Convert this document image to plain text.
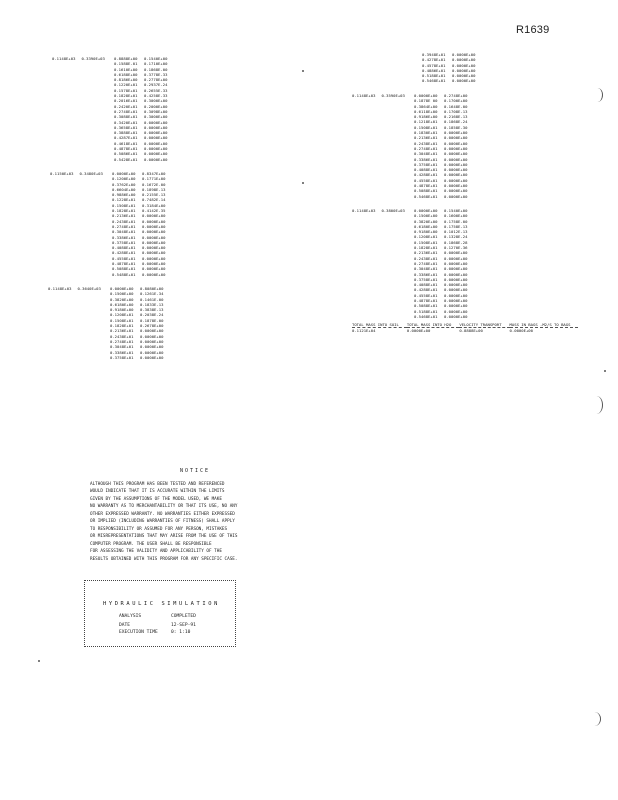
R1639
0.1148E+03 0.3390E+03 0.8888E+00	0.1540E+00
0.1588E-01	0.1710E+00
0.1610E+00	0.1868E-00
0.6188E+00	0.3778E-33
0.8186E+00	0.2778E+00
0.1220E+01	0.2937E-24
0.1578E+01	0.2655E-33
0.1828E+01	0.4258E-33
0.2016E+01	0.3000E+00
0.2420E+01	0.2000E+00
0.2748E+01	0.3098E+00
0.3088E+01	0.3000E+00
0.3420E+01	0.0000E+00
0.3658E+01	0.0000E+00
0.3888E+01	0.0000E+00
0.4287E+01	0.0000E+00
0.4618E+01	0.0000E+00
0.4878E+01	0.0000E+00
0.5086E+01	0.0000E+00
0.5428E+01	0.0000E+00
0.1150E+03 0.3480E+03 0.0000E+00	0.8347E+00
0.1200E+00	0.1771E+00
0.3762E+00	0.1672E-00
0.6604E+00	0.1898E-13
0.9886E+00	0.2155E-13
0.1228E+01	0.7482E-14
0.1508E+01	0.3184E+00
0.1828E+01	0.4142E-35
0.2136E+01	0.0000E+00
0.2438E+01	0.0000E+00
0.2748E+01	0.0000E+00
0.3048E+01	0.0000E+00
0.3386E+01	0.0000E+00
0.3758E+01	0.0000E+00
0.4088E+01	0.0000E+00
0.4288E+01	0.0000E+00
0.4558E+01	0.0000E+00
0.4878E+01	0.0000E+00
0.5088E+01	0.0000E+00
0.5488E+01	0.0000E+00
0.1148E+03 0.3640E+03 0.0000E+00	0.8080E+00
0.1500E+00	0.1261E-34
0.3820E+00	0.1461E-00
0.6180E+00	0.1833E-13
0.9180E+00	0.3838E-13
0.1208E+01	0.2038E-24
0.1508E+01	0.1878E-00
0.1828E+01	0.2678E+00
0.2136E+01	0.0000E+00
0.2438E+01	0.0000E+00
0.2748E+01	0.0000E+00
0.3048E+01	0.0000E+00
0.3386E+01	0.0000E+00
0.3758E+01	0.0000E+00
0.3948E+01	0.0000E+00
0.4278E+01	0.0000E+00
0.4578E+01	0.0000E+00
0.4886E+01	0.0000E+00
0.5188E+01	0.0000E+00
0.5468E+01	0.0000E+00
0.1148E+03 0.3590E+03 0.0000E+00	0.2748E+00
0.1878E 00	0.1700E+00
0.3864E+00	0.1648E-00
0.6118E+00	0.1708E-13
0.9186E+00	0.2168E-13
0.1218E+01	0.1868E-24
0.1508E+01	0.1858E-30
0.1830E+01	0.0000E+00
0.2136E+01	0.0000E+00
0.2438E+01	0.0000E+00
0.2748E+01	0.0000E+00
0.3048E+01	0.0000E+00
0.3386E+01	0.0000E+00
0.3758E+01	0.0000E+00
0.4088E+01	0.0000E+00
0.4288E+01	0.0000E+00
0.4558E+01	0.0000E+00
0.4878E+01	0.0000E+00
0.5088E+01	0.0000E+00
0.5468E+01	0.0000E+00
0.1148E+03 0.3800E+03 0.0000E+00	0.1540E+00
0.1500E+00	0.1600E+00
0.3820E+00	0.1758E-00
0.6180E+00	0.1758E-13
0.9180E+00	0.1012E-13
0.1208E+01	0.1328E-24
0.1508E+01	0.1868E-28
0.1828E+01	0.1270E-36
0.2136E+01	0.0000E+00
0.2438E+01	0.0000E+00
0.2748E+01	0.0000E+00
0.3048E+01	0.0000E+00
0.3386E+01	0.0000E+00
0.3758E+01	0.0000E+00
0.4088E+01	0.0000E+00
0.4288E+01	0.0000E+00
0.4558E+01	0.0000E+00
0.4878E+01	0.0000E+00
0.5088E+01	0.0000E+00
0.5188E+01	0.0000E+00
0.5468E+01	0.0000E+00
TOTAL MASS INTO SOIL	TOTAL MASS INTO H2O	VELOCITY TRANSPORT	MASS IN BAGS -M2/S TO BAGS
0.1121E+04	0.0000E+00	0.8888E+00	0.0000E+00
NOTICE
ALTHOUGH THIS PROGRAM HAS BEEN TESTED AND REFERENCED
WOULD INDICATE THAT IT IS ACCURATE WITHIN THE LIMITS
GIVEN BY THE ASSUMPTIONS OF THE MODEL USED, WE MAKE
NO WARRANTY AS TO MERCHANTABILITY OR THAT ITS USE, NO ANY
OTHER EXPRESSED WARRANTY. NO WARRANTIES EITHER EXPRESSED
OR IMPLIED (INCLUDING WARRANTIES OF FITNESS) SHALL APPLY
TO RESPONSIBILITY OR ASSUMED FOR ANY PERSON, MISTAKES
OR MISREPRESENTATIONS THAT MAY ARISE FROM THE USE OF THIS
COMPUTER PROGRAM. THE USER SHALL BE RESPONSIBLE
FOR ASSESSING THE VALIDITY AND APPLICABILITY OF THE
RESULTS OBTAINED WITH THIS PROGRAM FOR ANY SPECIFIC CASE.
HYDRAULIC SIMULATION
ANALYSIS	COMPLETED
DATE	12-SEP-91
EXECUTION TIME	0: 1:10
